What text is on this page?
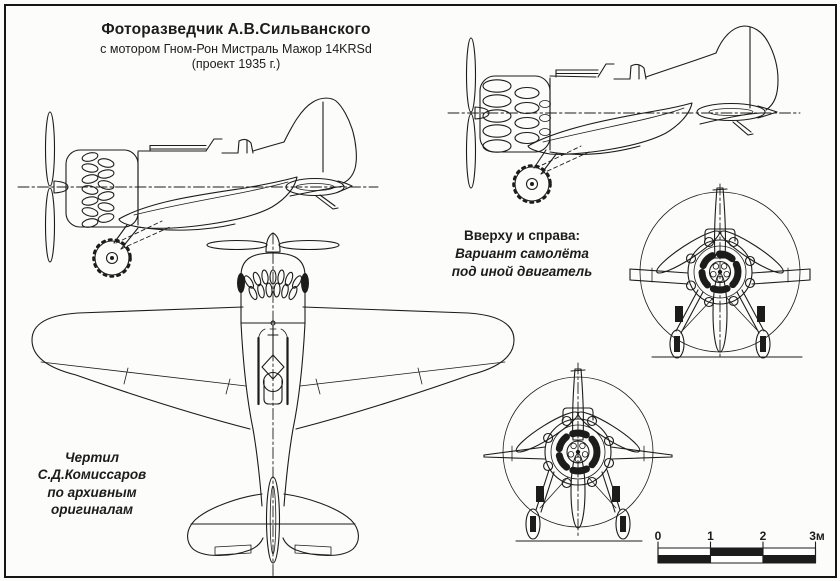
0	1	2	3м
Фоторазведчик А.В.Сильванского
с мотором Гном-Рон Мистраль Мажор 14KRSd
(проект 1935 г.)
Вверху и справа:
Вариант самолёта
под иной двигатель
Чертил
С.Д.Комиссаров
по архивным
оригиналам
